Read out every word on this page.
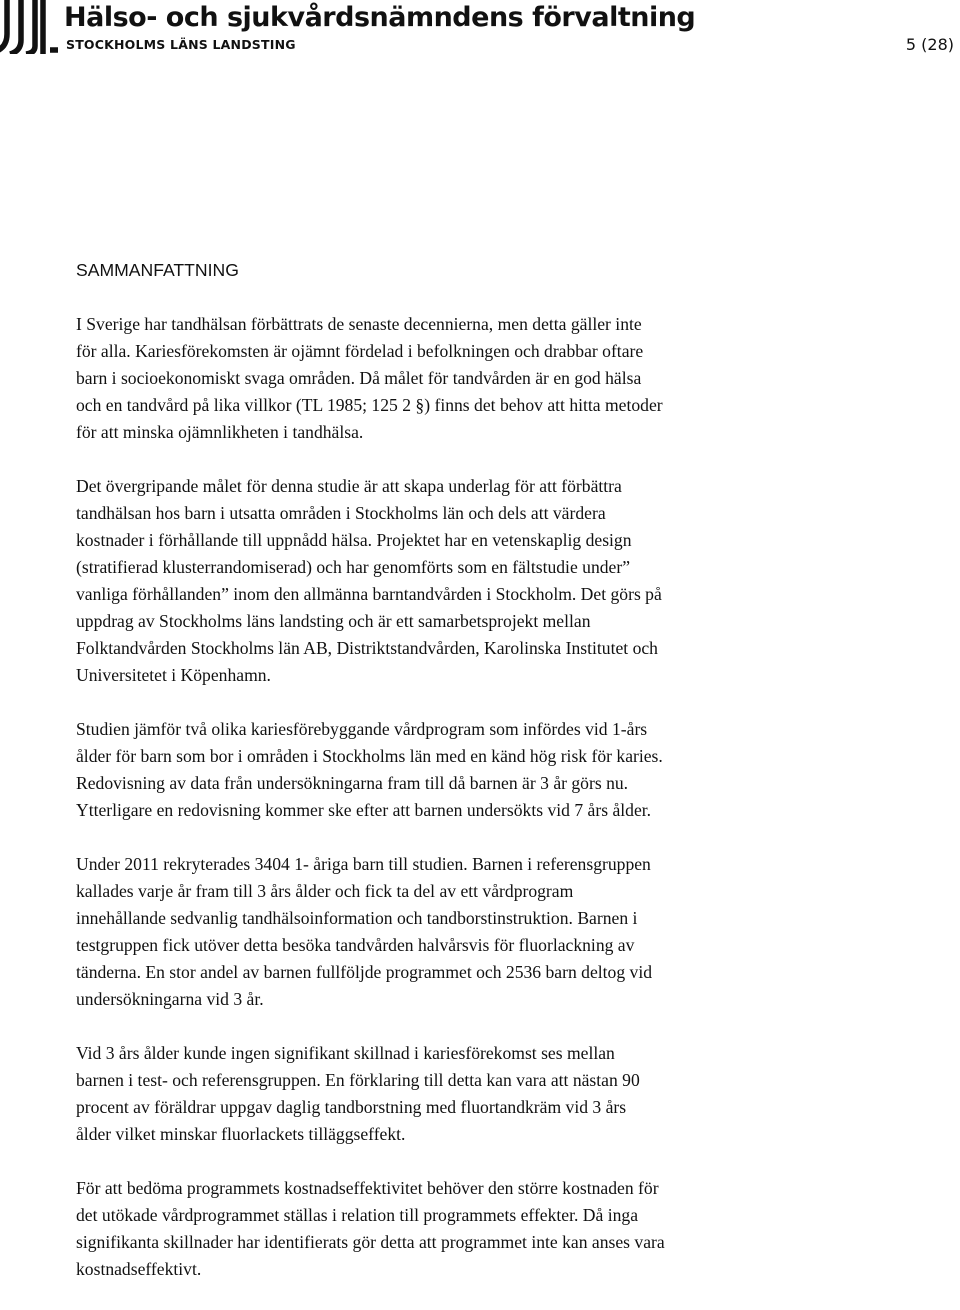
Hälso- och sjukvårdsnämndens förvaltning
STOCKHOLMS LÄNS LANDSTING	5 (28)
SAMMANFATTNING

I Sverige har tandhälsan förbättrats de senaste decennierna, men detta gäller inte
för alla. Kariesförekomsten är ojämnt fördelad i befolkningen och drabbar oftare
barn i socioekonomiskt svaga områden. Då målet för tandvården är en god hälsa
och en tandvård på lika villkor (TL 1985; 125 2 §) finns det behov att hitta metoder
för att minska ojämnlikheten i tandhälsa.

Det övergripande målet för denna studie är att skapa underlag för att förbättra
tandhälsan hos barn i utsatta områden i Stockholms län och dels att värdera
kostnader i förhållande till uppnådd hälsa. Projektet har en vetenskaplig design
(stratifierad klusterrandomiserad) och har genomförts som en fältstudie under”
vanliga förhållanden” inom den allmänna barntandvården i Stockholm. Det görs på
uppdrag av Stockholms läns landsting och är ett samarbetsprojekt mellan
Folktandvården Stockholms län AB, Distriktstandvården, Karolinska Institutet och
Universitetet i Köpenhamn.

Studien jämför två olika kariesförebyggande vårdprogram som infördes vid 1-års
ålder för barn som bor i områden i Stockholms län med en känd hög risk för karies.
Redovisning av data från undersökningarna fram till då barnen är 3 år görs nu.
Ytterligare en redovisning kommer ske efter att barnen undersökts vid 7 års ålder.

Under 2011 rekryterades 3404 1- åriga barn till studien. Barnen i referensgruppen
kallades varje år fram till 3 års ålder och fick ta del av ett vårdprogram
innehållande sedvanlig tandhälsoinformation och tandborstinstruktion. Barnen i
testgruppen fick utöver detta besöka tandvården halvårsvis för fluorlackning av
tänderna. En stor andel av barnen fullföljde programmet och 2536 barn deltog vid
undersökningarna vid 3 år.

Vid 3 års ålder kunde ingen signifikant skillnad i kariesförekomst ses mellan
barnen i test- och referensgruppen. En förklaring till detta kan vara att nästan 90
procent av föräldrar uppgav daglig tandborstning med fluortandkräm vid 3 års
ålder vilket minskar fluorlackets tilläggseffekt.

För att bedöma programmets kostnadseffektivitet behöver den större kostnaden för
det utökade vårdprogrammet ställas i relation till programmets effekter. Då inga
signifikanta skillnader har identifierats gör detta att programmet inte kan anses vara
kostnadseffektivt.
